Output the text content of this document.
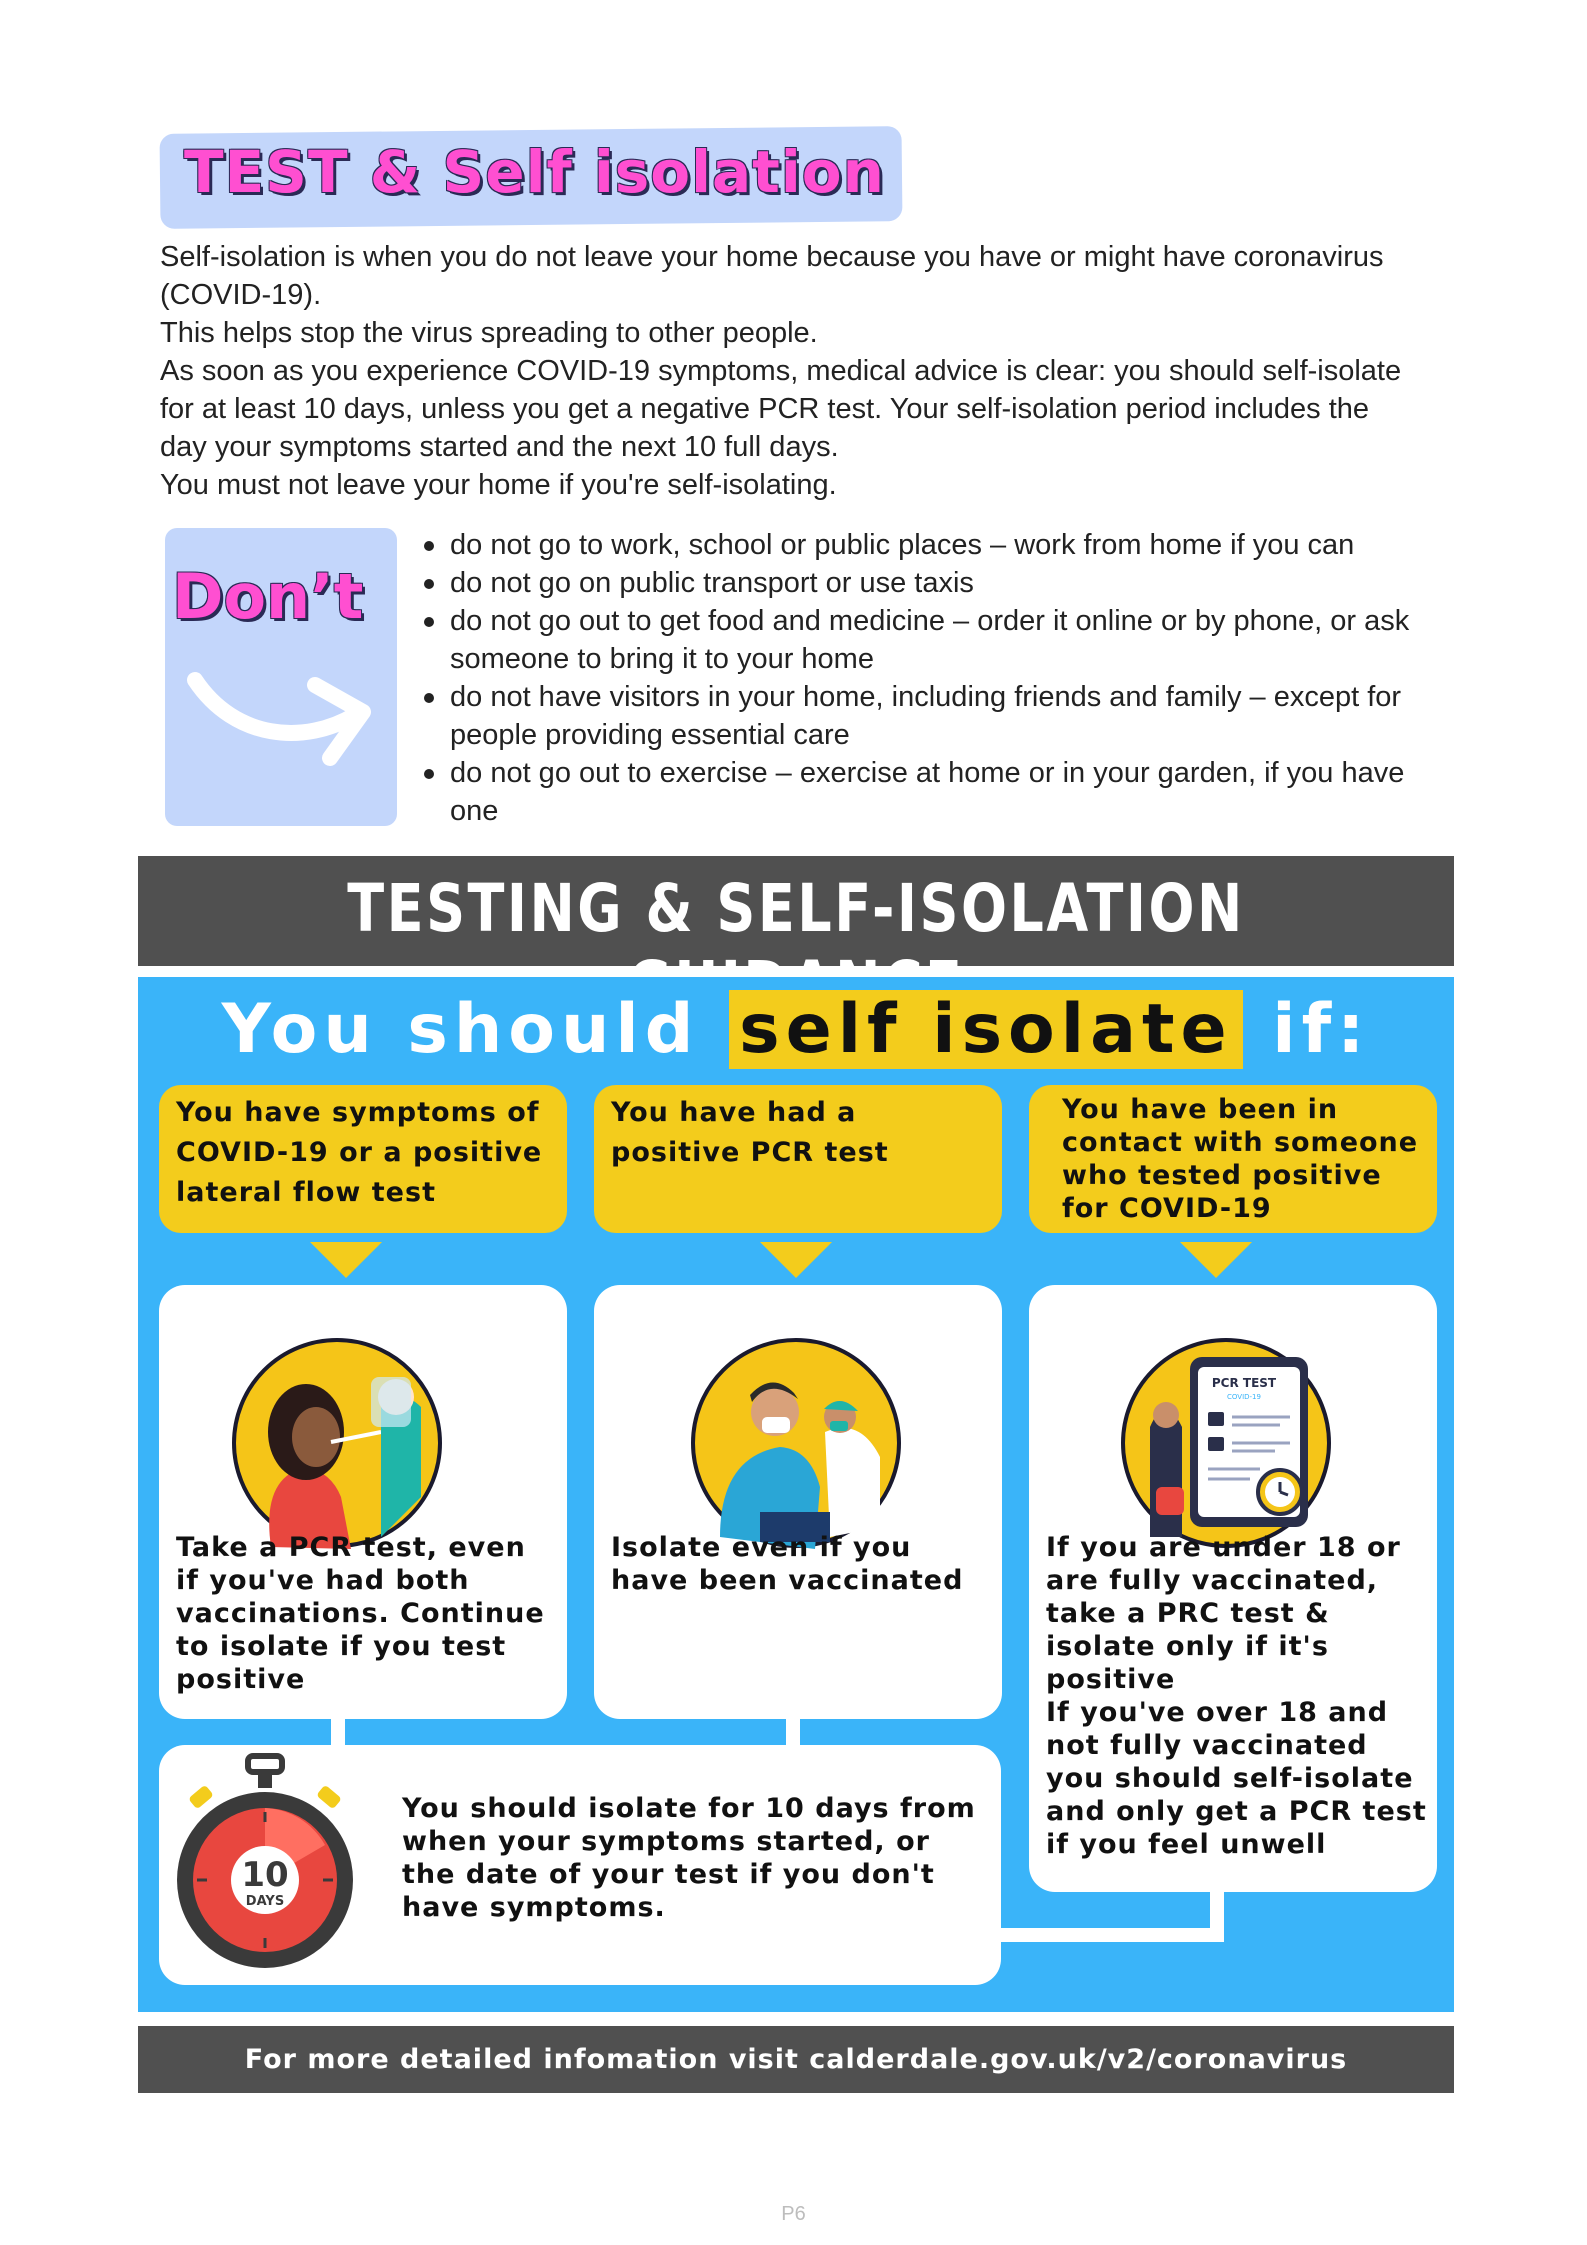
TEST & Self isolation

Self-isolation is when you do not leave your home because you have or might have coronavirus (COVID-19).

This helps stop the virus spreading to other people.

As soon as you experience COVID-19 symptoms, medical advice is clear: you should self-isolate for at least 10 days, unless you get a negative PCR test. Your self-isolation period includes the day your symptoms started and the next 10 full days.

You must not leave your home if you're self-isolating.

Don’t
do not go to work, school or public places – work from home if you can
do not go on public transport or use taxis
do not go out to get food and medicine – order it online or by phone, or ask someone to bring it to your home
do not have visitors in your home, including friends and family – except for people providing essential care
do not go out to exercise – exercise at home or in your garden, if you have one
TESTING & SELF-ISOLATION
You should self isolate if:
You have symptoms of COVID-19 or a positive lateral flow test
You have had a positive PCR test
You have been in contact with someone who tested positive for COVID-19
PCR TEST
COVID-19
Take a PCR test, even if you've had both vaccinations. Continue to isolate if you test positive
Isolate even if you have been vaccinated
If you are under 18 or are fully vaccinated, take a PRC test & isolate only if it's positive
If you've over 18 and not fully vaccinated you should self-isolate and only get a PCR test if you feel unwell
10
DAYS
You should isolate for 10 days from when your symptoms started, or the date of your test if you don't have symptoms.
For more detailed infomation visit calderdale.gov.uk/v2/coronavirus
P6
